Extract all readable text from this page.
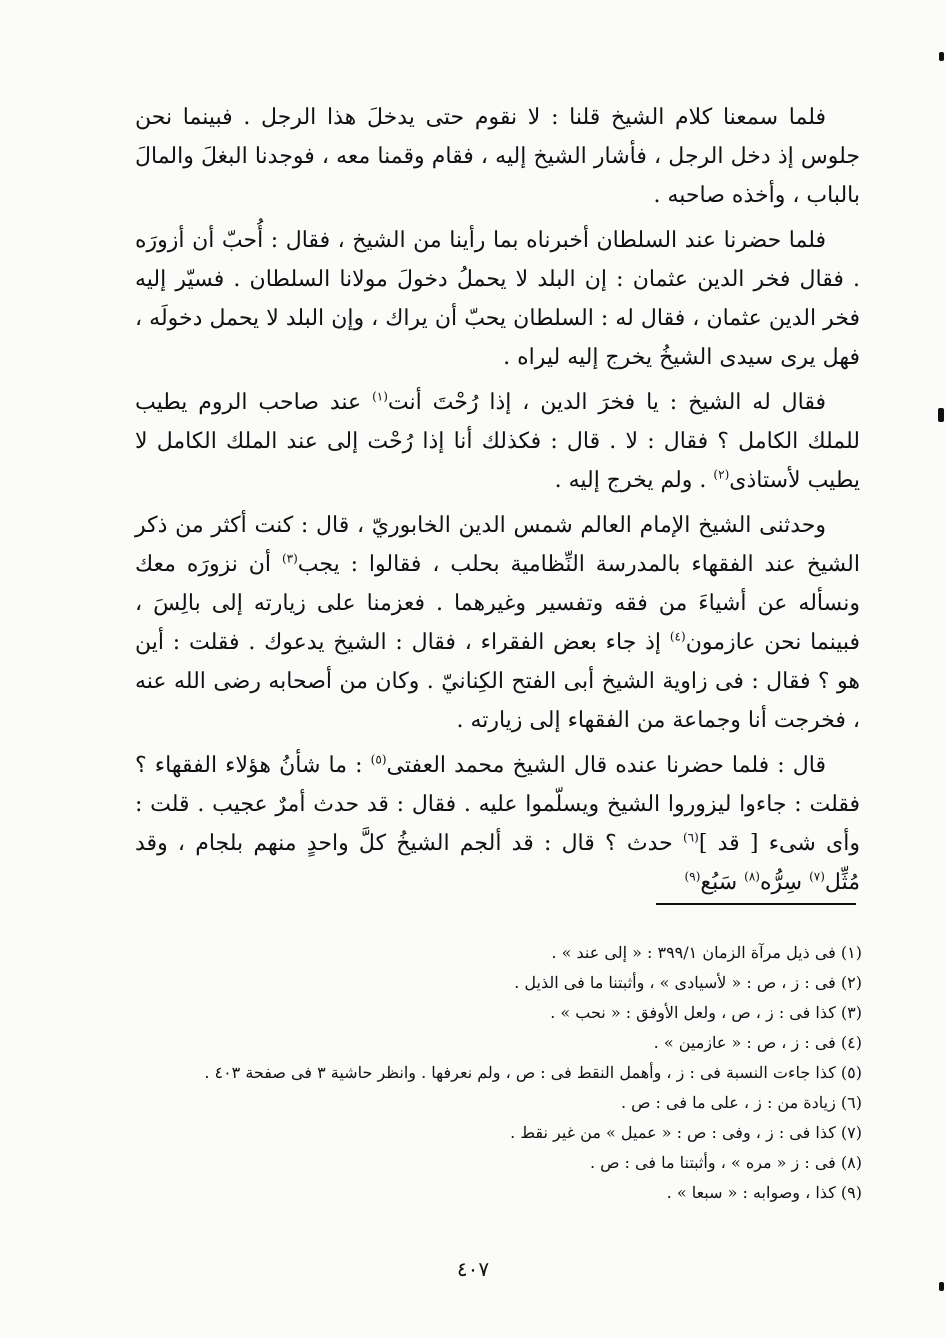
فلما سمعنا كلام الشيخ قلنا : لا نقوم حتى يدخلَ هذا الرجل . فبينما نحن جلوس إذ دخل الرجل ، فأشار الشيخ إليه ، فقام وقمنا معه ، فوجدنا البغلَ والمالَ بالباب ، وأخذه صاحبه .

فلما حضرنا عند السلطان أخبرناه بما رأينا من الشيخ ، فقال : أُحبّ أن أزورَه . فقال فخر الدين عثمان : إن البلد لا يحملُ دخولَ مولانا السلطان . فسيّر إليه فخر الدين عثمان ، فقال له : السلطان يحبّ أن يراك ، وإن البلد لا يحمل دخولَه ، فهل يرى سيدى الشيخُ يخرج إليه ليراه .

فقال له الشيخ : يا فخرَ الدين ، إذا رُحْتَ أنت$^{(١)}$ عند صاحب الروم يطيب للملك الكامل ؟ فقال : لا . قال : فكذلك أنا إذا رُحْت إلى عند الملك الكامل لا يطيب لأستاذى$^{(٢)}$ . ولم يخرج إليه .

وحدثنى الشيخ الإمام العالم شمس الدين الخابوريّ ، قال : كنت أكثر من ذكر الشيخ عند الفقهاء بالمدرسة النِّظامية بحلب ، فقالوا : يجب$^{(٣)}$ أن نزورَه معك ونسأله عن أشياءَ من فقه وتفسير وغيرهما . فعزمنا على زيارته إلى بالِسَ ، فبينما نحن عازمون$^{(٤)}$ إذ جاء بعض الفقراء ، فقال : الشيخ يدعوك . فقلت : أين هو ؟ فقال : فى زاوية الشيخ أبى الفتح الكِنانيّ . وكان من أصحابه رضى الله عنه ، فخرجت أنا وجماعة من الفقهاء إلى زيارته .

قال : فلما حضرنا عنده قال الشيخ محمد العفتى$^{(٥)}$ : ما شأنُ هؤلاء الفقهاء ؟ فقلت : جاءوا ليزوروا الشيخ ويسلّموا عليه . فقال : قد حدث أمرٌ عجيب . قلت : وأى شىء [ قد ]$^{(٦)}$ حدث ؟ قال : قد ألجم الشيخُ كلَّ واحدٍ منهم بلجام ، وقد مُثِّل$^{(٧)}$ سِرُّه$^{(٨)}$ سَبُع$^{(٩)}$

(١) فى ذيل مرآة الزمان ٣٩٩/١ : « إلى عند » .
(٢) فى : ز ، ص : « لأسيادى » ، وأثبتنا ما فى الذيل .
(٣) كذا فى : ز ، ص ، ولعل الأوفق : « نحب » .
(٤) فى : ز ، ص : « عازمين » .
(٥) كذا جاءت النسبة فى : ز ، وأهمل النقط فى : ص ، ولم نعرفها . وانظر حاشية ٣ فى صفحة ٤٠٣ .
(٦) زيادة من : ز ، على ما فى : ص .
(٧) كذا فى : ز ، وفى : ص : « عميل » من غير نقط .
(٨) فى : ز « مره » ، وأثبتنا ما فى : ص .
(٩) كذا ، وصوابه : « سبعا » .
٤٠٧
